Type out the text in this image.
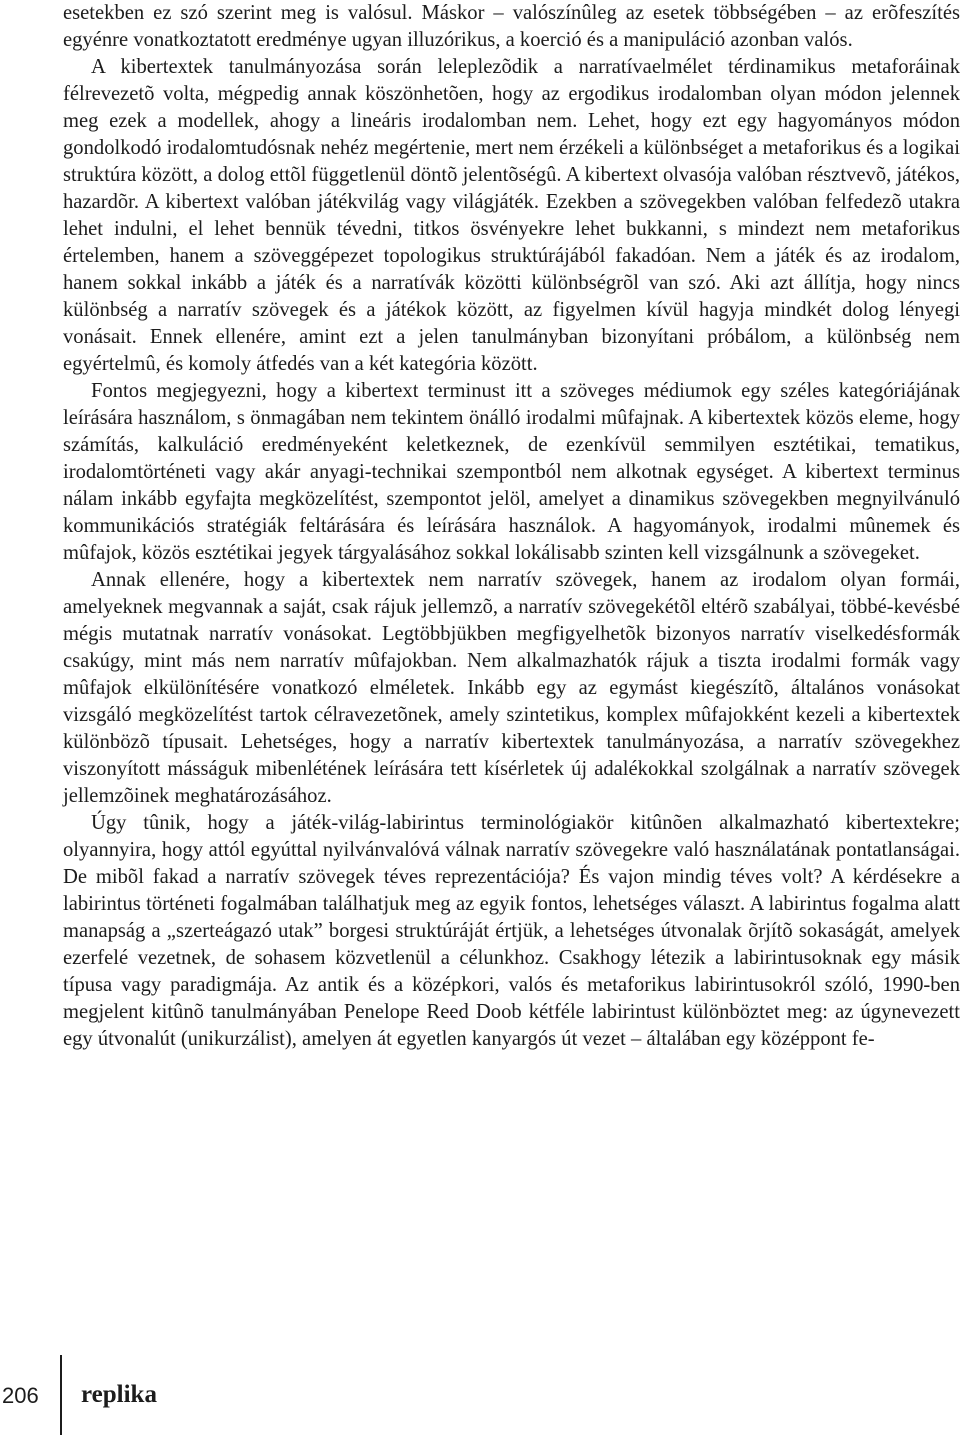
esetekben ez szó szerint meg is valósul. Máskor – valószínûleg az esetek többségében – az erõfeszítés egyénre vonatkoztatott eredménye ugyan illuzórikus, a koerció és a manipuláció azonban valós.

A kibertextek tanulmányozása során leleplezõdik a narratívaelmélet térdinamikus metaforáinak félrevezetõ volta, mégpedig annak köszönhetõen, hogy az ergodikus irodalomban olyan módon jelennek meg ezek a modellek, ahogy a lineáris irodalomban nem. Lehet, hogy ezt egy hagyományos módon gondolkodó irodalomtudósnak nehéz megértenie, mert nem érzékeli a különbséget a metaforikus és a logikai struktúra között, a dolog ettõl függetlenül döntõ jelentõségû. A kibertext olvasója valóban résztvevõ, játékos, hazardõr. A kibertext valóban játékvilág vagy világjáték. Ezekben a szövegekben valóban felfedezõ utakra lehet indulni, el lehet bennük tévedni, titkos ösvényekre lehet bukkanni, s mindezt nem metaforikus értelemben, hanem a szöveggépezet topologikus struktúrájából fakadóan. Nem a játék és az irodalom, hanem sokkal inkább a játék és a narratívák közötti különbségrõl van szó. Aki azt állítja, hogy nincs különbség a narratív szövegek és a játékok között, az figyelmen kívül hagyja mindkét dolog lényegi vonásait. Ennek ellenére, amint ezt a jelen tanulmányban bizonyítani próbálom, a különbség nem egyértelmû, és komoly átfedés van a két kategória között.

Fontos megjegyezni, hogy a kibertext terminust itt a szöveges médiumok egy széles kategóriájának leírására használom, s önmagában nem tekintem önálló irodalmi mûfajnak. A kibertextek közös eleme, hogy számítás, kalkuláció eredményeként keletkeznek, de ezenkívül semmilyen esztétikai, tematikus, irodalomtörténeti vagy akár anyagi-technikai szempontból nem alkotnak egységet. A kibertext terminus nálam inkább egyfajta megközelítést, szempontot jelöl, amelyet a dinamikus szövegekben megnyilvánuló kommunikációs stratégiák feltárására és leírására használok. A hagyományok, irodalmi mûnemek és mûfajok, közös esztétikai jegyek tárgyalásához sokkal lokálisabb szinten kell vizsgálnunk a szövegeket.

Annak ellenére, hogy a kibertextek nem narratív szövegek, hanem az irodalom olyan formái, amelyeknek megvannak a saját, csak rájuk jellemzõ, a narratív szövegekétõl eltérõ szabályai, többé-kevésbé mégis mutatnak narratív vonásokat. Legtöbbjükben megfigyelhetõk bizonyos narratív viselkedésformák csakúgy, mint más nem narratív mûfajokban. Nem alkalmazhatók rájuk a tiszta irodalmi formák vagy mûfajok elkülönítésére vonatkozó elméletek. Inkább egy az egymást kiegészítõ, általános vonásokat vizsgáló megközelítést tartok célravezetõnek, amely szintetikus, komplex mûfajokként kezeli a kibertextek különbözõ típusait. Lehetséges, hogy a narratív kibertextek tanulmányozása, a narratív szövegekhez viszonyított másságuk mibenlétének leírására tett kísérletek új adalékokkal szolgálnak a narratív szövegek jellemzõinek meghatározásához.

Úgy tûnik, hogy a játék-világ-labirintus terminológiakör kitûnõen alkalmazható kibertextekre; olyannyira, hogy attól egyúttal nyilvánvalóvá válnak narratív szövegekre való használatának pontatlanságai. De mibõl fakad a narratív szövegek téves reprezentációja? És vajon mindig téves volt? A kérdésekre a labirintus történeti fogalmában találhatjuk meg az egyik fontos, lehetséges választ. A labirintus fogalma alatt manapság a „szerteágazó utak” borgesi struktúráját értjük, a lehetséges útvonalak õrjítõ sokaságát, amelyek ezerfelé vezetnek, de sohasem közvetlenül a célunkhoz. Csakhogy létezik a labirintusoknak egy másik típusa vagy paradigmája. Az antik és a középkori, valós és metaforikus labirintusokról szóló, 1990-ben megjelent kitûnõ tanulmányában Penelope Reed Doob kétféle labirintust különböztet meg: az úgynevezett egy útvonalút (unikurzálist), amelyen át egyetlen kanyargós út vezet – általában egy középpont fe-

206 replika
